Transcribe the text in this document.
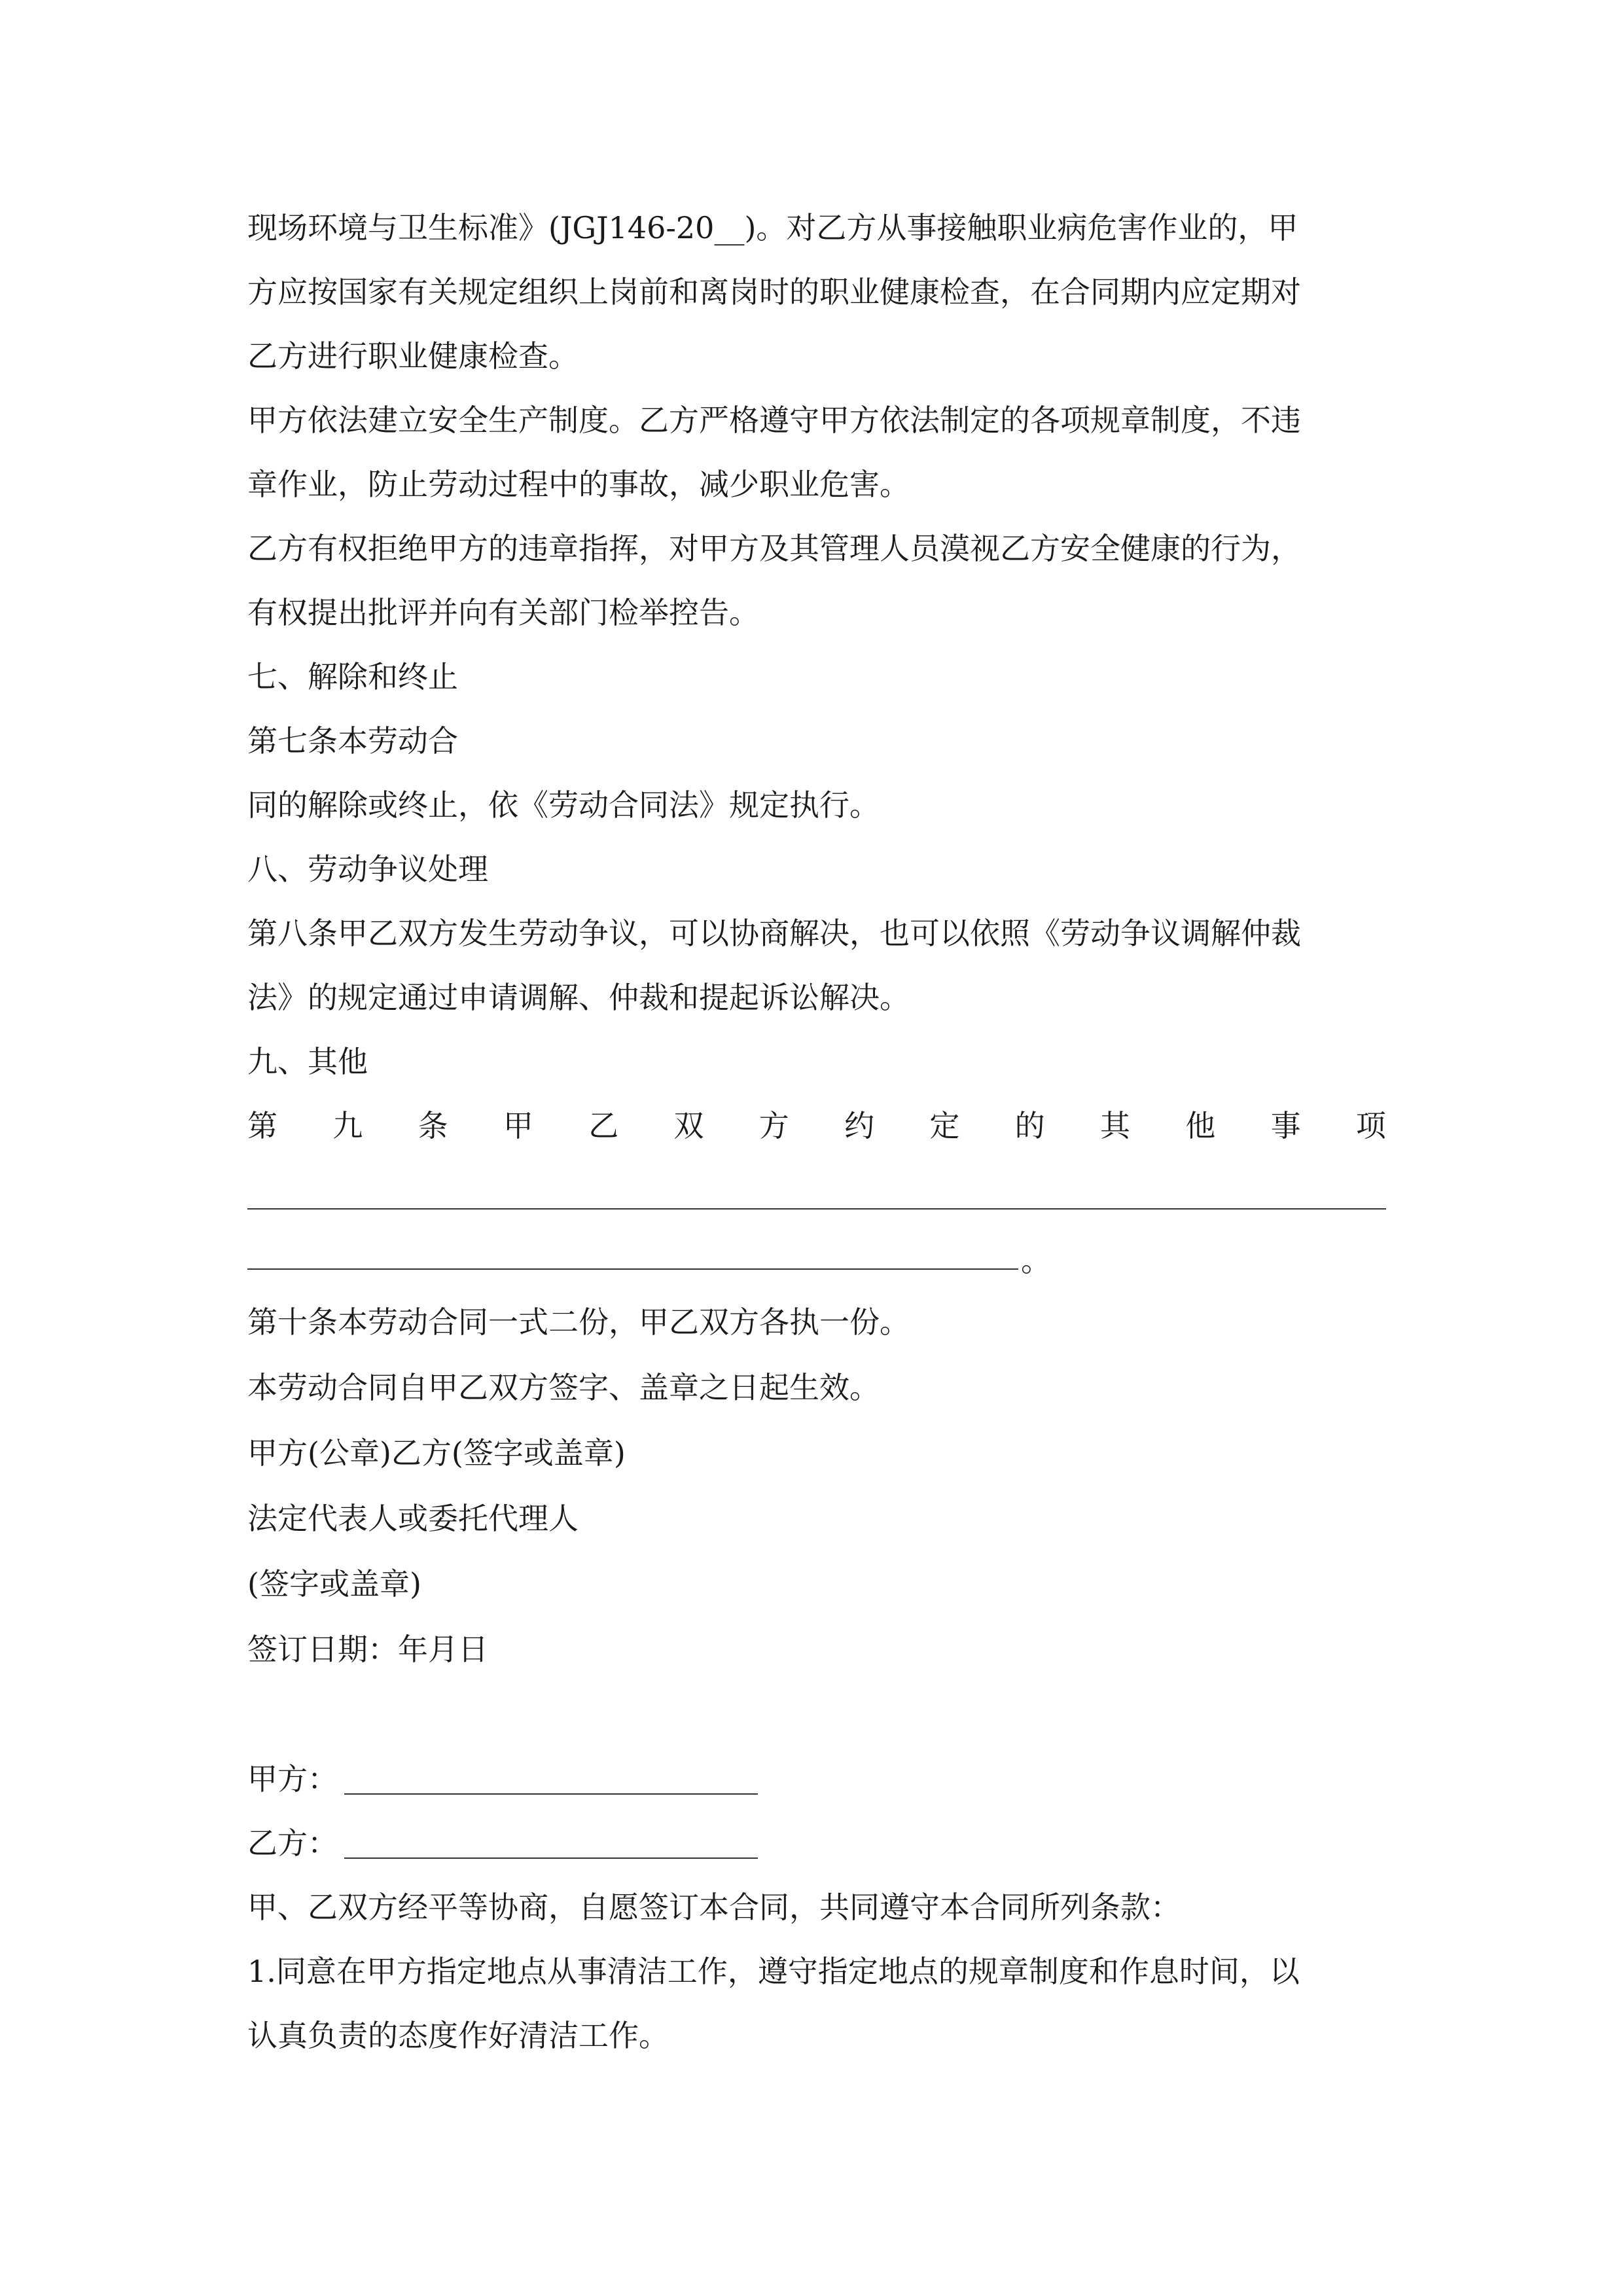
现场环境与卫生标准》(JGJ146-20__)。对乙方从事接触职业病危害作业的，甲
方应按国家有关规定组织上岗前和离岗时的职业健康检查，在合同期内应定期对
乙方进行职业健康检查。
甲方依法建立安全生产制度。乙方严格遵守甲方依法制定的各项规章制度，不违
章作业，防止劳动过程中的事故，减少职业危害。
乙方有权拒绝甲方的违章指挥，对甲方及其管理人员漠视乙方安全健康的行为，
有权提出批评并向有关部门检举控告。
七、解除和终止
第七条本劳动合
同的解除或终止，依《劳动合同法》规定执行。
八、劳动争议处理
第八条甲乙双方发生劳动争议，可以协商解决，也可以依照《劳动争议调解仲裁
法》的规定通过申请调解、仲裁和提起诉讼解决。
九、其他
第 九 条 甲 乙 双 方 约 定 的 其 他 事 项
。
第十条本劳动合同一式二份，甲乙双方各执一份。
本劳动合同自甲乙双方签字、盖章之日起生效。
甲方(公章)乙方(签字或盖章)
法定代表人或委托代理人
(签字或盖章)
签订日期：年月日
甲方：
乙方：
甲、乙双方经平等协商，自愿签订本合同，共同遵守本合同所列条款：
1.同意在甲方指定地点从事清洁工作，遵守指定地点的规章制度和作息时间，以
认真负责的态度作好清洁工作。
